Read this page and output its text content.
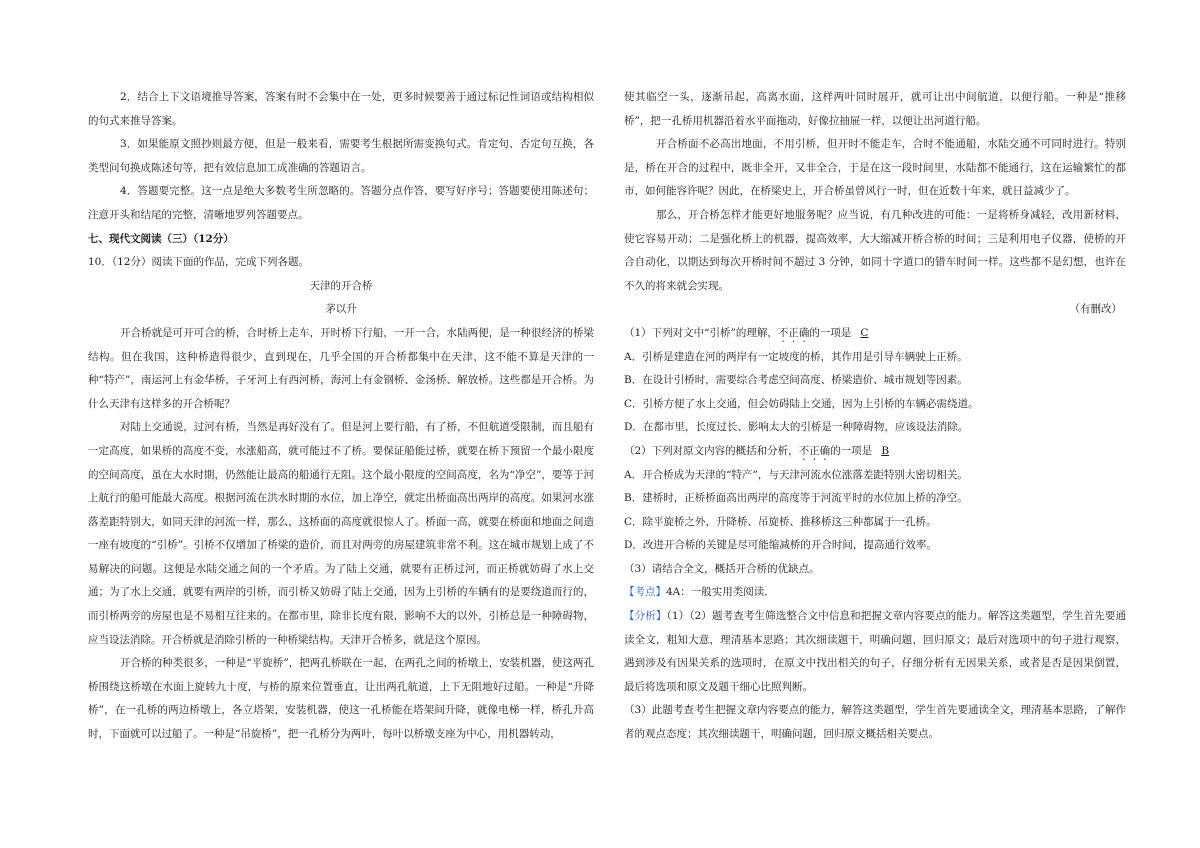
2．结合上下文语境推导答案，答案有时不会集中在一处，更多时候要善于通过标记性词语或结构相似的句式来推导答案。

3．如果能原文照抄则最方便，但是一般来看，需要考生根据所需变换句式。肯定句、否定句互换，各类型问句换成陈述句等，把有效信息加工成准确的答题语言。

4．答题要完整。这一点是绝大多数考生所忽略的。答题分点作答，要写好序号；答题要使用陈述句；注意开头和结尾的完整，清晰地罗列答题要点。

七、现代文阅读（三）（12分）

10．（12分）阅读下面的作品，完成下列各题。

天津的开合桥

茅以升

开合桥就是可开可合的桥，合时桥上走车，开时桥下行船，一开一合，水陆两便，是一种很经济的桥梁结构。但在我国，这种桥造得很少，直到现在，几乎全国的开合桥都集中在天津，这不能不算是天津的一种“特产”，南运河上有金华桥，子牙河上有西河桥，海河上有金钢桥、金汤桥、解放桥。这些都是开合桥。为什么天津有这样多的开合桥呢？

对陆上交通说，过河有桥，当然是再好没有了。但是河上要行船，有了桥，不但航道受限制，而且船有一定高度，如果桥的高度不变，水涨船高，就可能过不了桥。要保证船能过桥，就要在桥下预留一个最小限度的空间高度，虽在大水时期，仍然能让最高的船通行无阻。这个最小限度的空间高度，名为“净空”，要等于河上航行的船可能最大高度。根据河流在洪水时期的水位，加上净空，就定出桥面高出两岸的高度。如果河水涨落差距特别大，如同天津的河流一样，那么，这桥面的高度就很惊人了。桥面一高，就要在桥面和地面之间造一座有坡度的“引桥”。引桥不仅增加了桥梁的造价，而且对两旁的房屋建筑非常不利。这在城市规划上成了不易解决的问题。这便是水陆交通之间的一个矛盾。为了陆上交通，就要有正桥过河，而正桥就妨碍了水上交通；为了水上交通，就要有两岸的引桥，而引桥又妨碍了陆上交通，因为上引桥的车辆有的是要绕道而行的，而引桥两旁的房屋也是不易相互往来的。在都市里，除非长度有限，影响不大的以外，引桥总是一种障碍物，应当设法消除。开合桥就是消除引桥的一种桥梁结构。天津开合桥多，就是这个原因。

开合桥的种类很多，一种是“平旋桥”，把两孔桥联在一起，在两孔之间的桥墩上，安装机器，使这两孔桥围绕这桥墩在水面上旋转九十度，与桥的原来位置垂直，让出两孔航道，上下无阻地好过船。一种是“升降桥”，在一孔桥的两边桥墩上，各立塔架，安装机器，使这一孔桥能在塔架间升降，就像电梯一样，桥孔升高时，下面就可以过船了。一种是“吊旋桥”，把一孔桥分为两叶，每叶以桥墩支座为中心，用机器转动，

使其临空一头，逐渐吊起，高离水面，这样两叶同时展开，就可让出中间航道，以便行船。一种是“推移桥”，把一孔桥用机器沿着水平面拖动，好像拉抽屉一样，以便让出河道行船。

开合桥面不必高出地面，不用引桥，但开时不能走车，合时不能通船，水陆交通不可同时进行。特别是，桥在开合的过程中，既非全开，又非全合，于是在这一段时间里，水陆都不能通行，这在运输繁忙的都市，如何能容许呢？因此，在桥梁史上，开合桥虽曾风行一时，但在近数十年来，就日益减少了。

那么，开合桥怎样才能更好地服务呢？应当说，有几种改进的可能：一是将桥身减轻，改用新材料，使它容易开动；二是强化桥上的机器，提高效率，大大缩减开桥合桥的时间；三是利用电子仪器，使桥的开合自动化，以期达到每次开桥时间不超过 3 分钟，如同十字道口的错车时间一样。这些都不是幻想，也许在不久的将来就会实现。

（有删改）

（1）下列对文中“引桥”的理解，不正确的一项是 C

A．引桥是建造在河的两岸有一定坡度的桥，其作用是引导车辆驶上正桥。

B．在设计引桥时，需要综合考虑空间高度、桥梁造价、城市规划等因素。

C．引桥方便了水上交通，但会妨碍陆上交通，因为上引桥的车辆必需绕道。

D．在都市里，长度过长、影响太大的引桥是一种障碍物，应该设法消除。

（2）下列对原文内容的概括和分析，不正确的一项是 B

A．开合桥成为天津的“特产”，与天津河流水位涨落差距特别大密切相关。

B．建桥时，正桥桥面高出两岸的高度等于河流平时的水位加上桥的净空。

C．除平旋桥之外，升降桥、吊旋桥、推移桥这三种都属于一孔桥。

D．改进开合桥的关键是尽可能缩减桥的开合时间，提高通行效率。

（3）请结合全文，概括开合桥的优缺点。

【考点】4A：一般实用类阅读．

【分析】（1）（2）题考查考生筛选整合文中信息和把握文章内容要点的能力。解答这类题型，学生首先要通读全文，粗知大意，理清基本思路；其次细读题干，明确问题，回归原文；最后对选项中的句子进行观察，遇到涉及有因果关系的选项时，在原文中找出相关的句子，仔细分析有无因果关系，或者是否是因果倒置，最后将选项和原文及题干细心比照判断。

（3）此题考查考生把握文章内容要点的能力，解答这类题型，学生首先要通读全文，理清基本思路，了解作者的观点态度；其次细读题干，明确问题，回归原文概括相关要点。
